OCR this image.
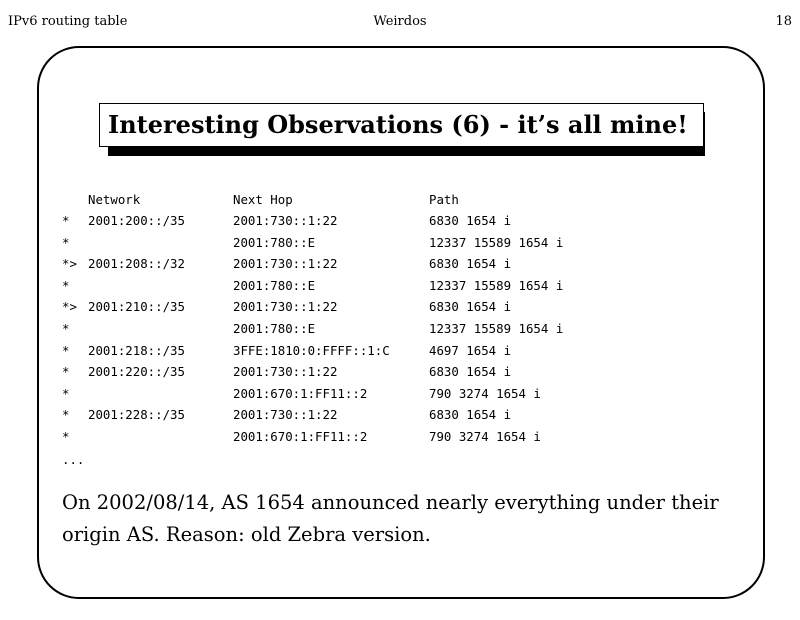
IPv6 routing table	Weirdos	18
Interesting Observations (6) - it’s all mine!
Network	Next Hop	Path
* 2001:200::/35	2001:730::1:22	6830 1654 i
*	2001:780::E	12337 15589 1654 i
*> 2001:208::/32	2001:730::1:22	6830 1654 i
*	2001:780::E	12337 15589 1654 i
*> 2001:210::/35	2001:730::1:22	6830 1654 i
*	2001:780::E	12337 15589 1654 i
* 2001:218::/35	3FFE:1810:0:FFFF::1:C	4697 1654 i
* 2001:220::/35	2001:730::1:22	6830 1654 i
*	2001:670:1:FF11::2	790 3274 1654 i
* 2001:228::/35	2001:730::1:22	6830 1654 i
*	2001:670:1:FF11::2	790 3274 1654 i
...
On 2002/08/14, AS 1654 announced nearly everything under their origin AS. Reason: old Zebra version.
